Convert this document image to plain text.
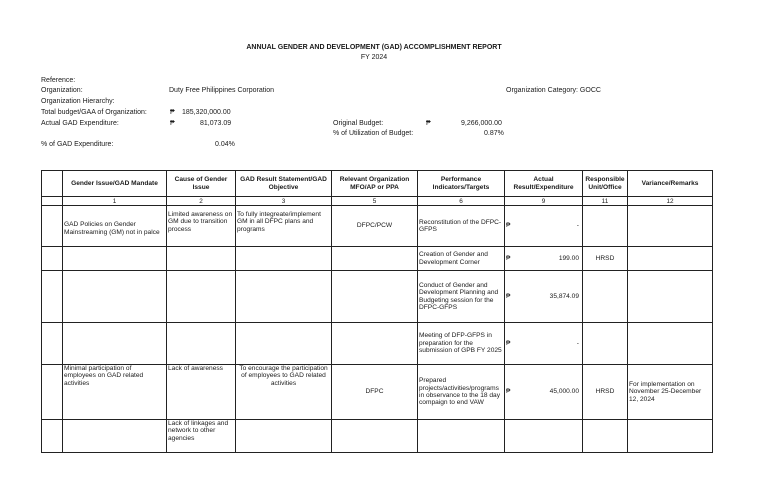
ANNUAL GENDER AND DEVELOPMENT (GAD) ACCOMPLISHMENT REPORT
FY 2024
Reference:
Organization:	Duty Free Philippines Corporation	Organization Category: GOCC
Organization Hierarchy:
Total budget/GAA of Organization:	₱ 185,320,000.00
Actual GAD Expenditure:	₱	81,073.09	Original Budget:	₱	9,266,000.00
% of Utilization of Budget:	0.87%
% of GAD Expenditure:	0.04%
	Gender Issue/GAD Mandate	Cause of Gender Issue	GAD Result Statement/GAD Objective	Relevant Organization MFO/AP or PPA	Performance Indicators/Targets	Actual Result/Expenditure	Responsible Unit/Office	Variance/Remarks
	1	2	3	5	6	9	11	12
	GAD Policies on Gender Mainstreaming (GM) not in palce	Limited awareness on GM due to transition process	To fully integreate/implement GM in all DFPC plans and programs	DFPC/PCW	Reconstitution of the DFPC-GFPS	₱ -		

					Creation of Gender and Development Corner	₱ 199.00	HRSD	
					Conduct of Gender and Development Planning and Budgeting session for the DFPC-GFPS	₱ 35,874.09		

					Meeting of DFP-GFPS in preparation for the submission of GPB FY 2025	₱ -		

	Minimal participation of employees on GAD related activities	Lack of awareness	To encourage the participation of employees to GAD related activities	DFPC	Prepared projects/activities/programs in observance to the 18 day compaign to end VAW	₱ 45,000.00	HRSD	For implementation on November 25-December 12, 2024
		Lack of linkages and network to other agencies				
